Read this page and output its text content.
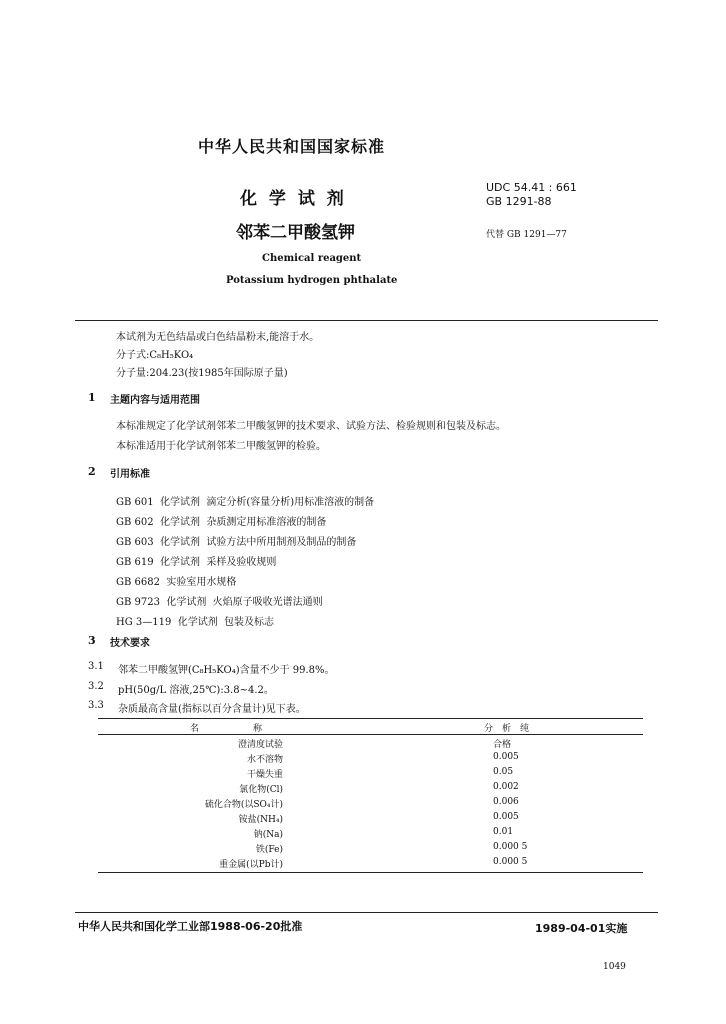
中华人民共和国国家标准
化 学 试 剂
邻苯二甲酸氢钾
Chemical reagent
Potassium hydrogen phthalate
UDC 54.41 : 661
GB 1291-88
代替 GB 1291—77
本试剂为无色结晶或白色结晶粉末,能溶于水。
分子式:C₈H₅KO₄
分子量:204.23(按1985年国际原子量)
1 主题内容与适用范围
本标准规定了化学试剂邻苯二甲酸氢钾的技术要求、试验方法、检验规则和包装及标志。
本标准适用于化学试剂邻苯二甲酸氢钾的检验。
2 引用标准
GB 601  化学试剂  滴定分析(容量分析)用标准溶液的制备
GB 602  化学试剂  杂质测定用标准溶液的制备
GB 603  化学试剂  试验方法中所用制剂及制品的制备
GB 619  化学试剂  采样及验收规则
GB 6682  实验室用水规格
GB 9723  化学试剂  火焰原子吸收光谱法通则
HG 3—119  化学试剂  包装及标志
3 技术要求
3.1 邻苯二甲酸氢钾(C₈H₅KO₄)含量不少于 99.8%。
3.2 pH(50g/L 溶液,25℃):3.8~4.2。
3.3 杂质最高含量(指标以百分含量计)见下表。
名　　　　　　称	分　析　纯
澄清度试验	合格
水不溶物	0.005
干燥失重	0.05
氯化物(Cl)	0.002
硫化合物(以SO₄计)	0.006
铵盐(NH₄)	0.005
钠(Na)	0.01
铁(Fe)	0.000 5
重金属(以Pb计)	0.000 5
中华人民共和国化学工业部1988-06-20批准	1989-04-01实施
1049
